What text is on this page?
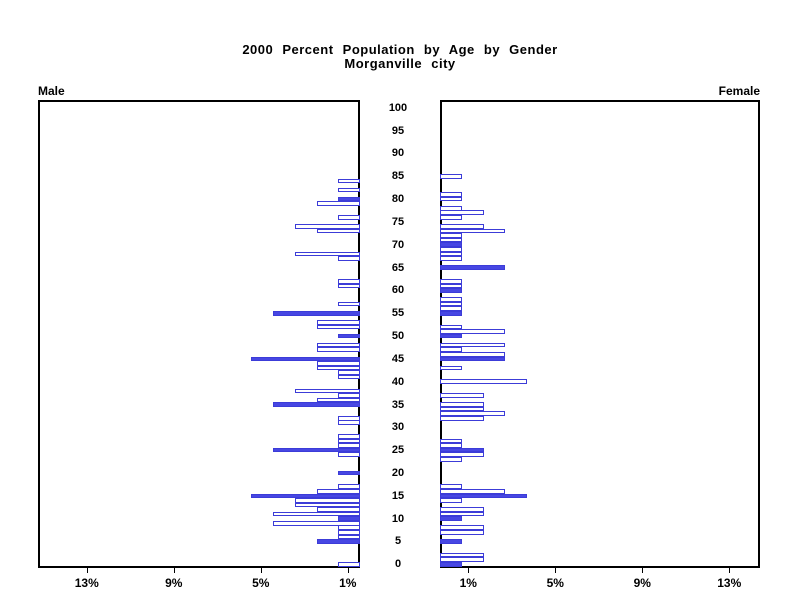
2000 Percent Population by Age by Gender
Morganville city
Male	Female
0
5
10
15
20
25
30
35
40
45
50
55
60
65
70
75
80
85
90
95
100
1%	1%
5%	5%
9%	9%
13%	13%
